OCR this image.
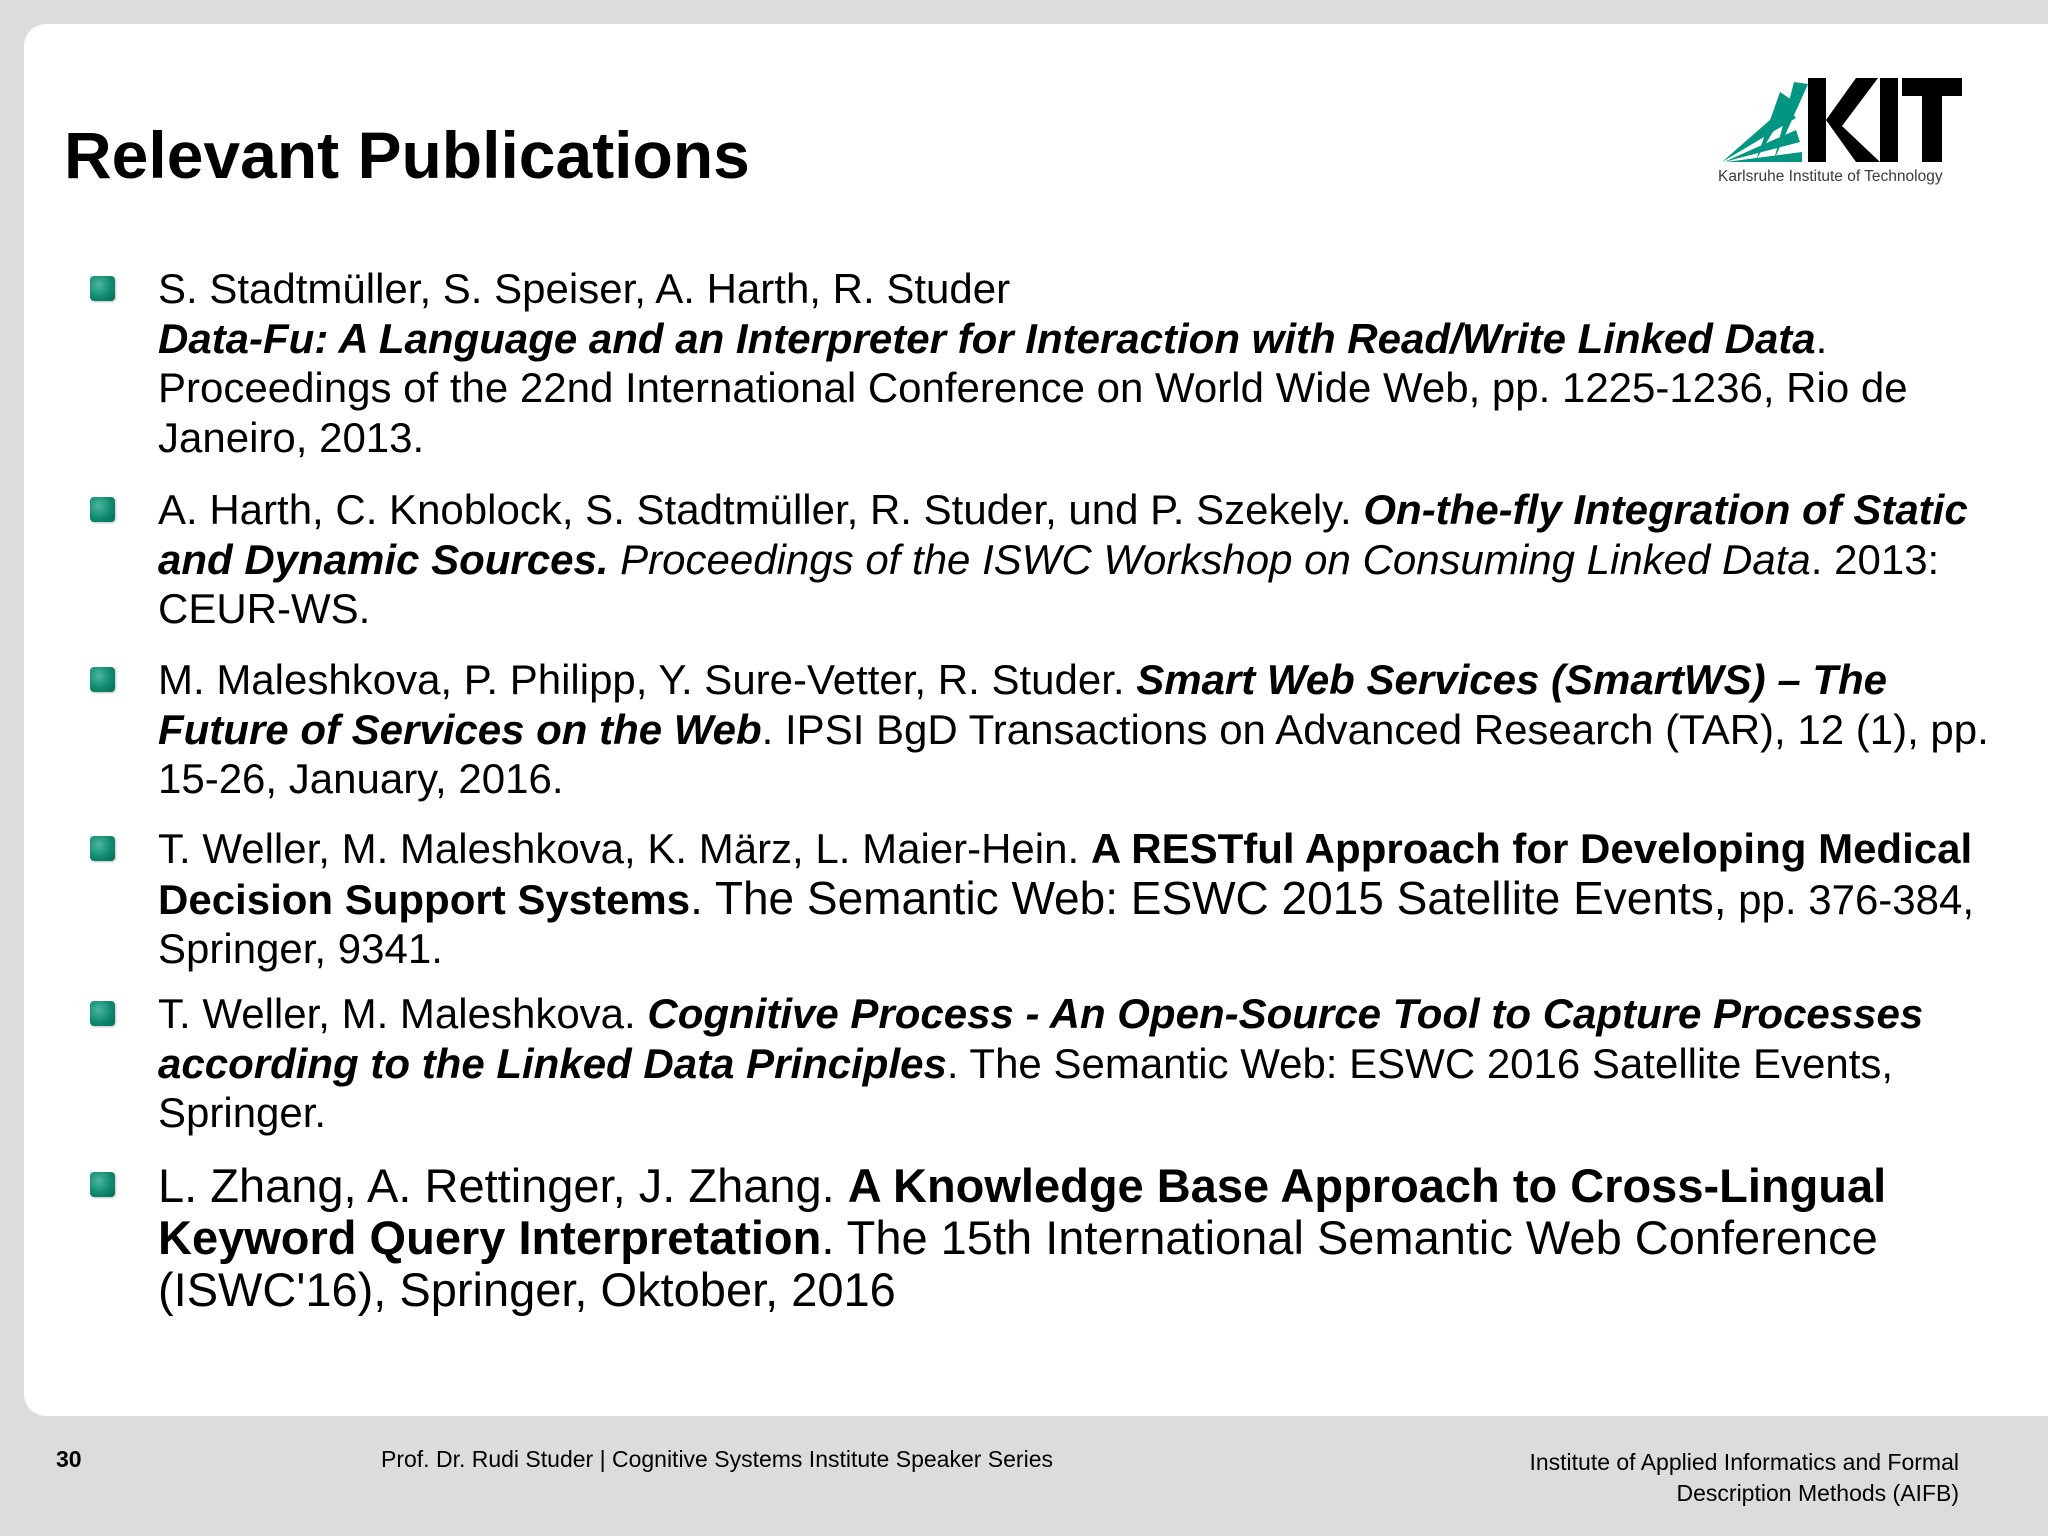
Relevant Publications	Karlsruhe Institute of Technology
S. Stadtmüller, S. Speiser, A. Harth, R. Studer
Data-Fu: A Language and an Interpreter for Interaction with Read/Write Linked Data.
Proceedings of the 22nd International Conference on World Wide Web, pp. 1225-1236, Rio de Janeiro, 2013.
A. Harth, C. Knoblock, S. Stadtmüller, R. Studer, und P. Szekely. On-the-fly Integration of Static and Dynamic Sources. Proceedings of the ISWC Workshop on Consuming Linked Data. 2013: CEUR-WS.
M. Maleshkova, P. Philipp, Y. Sure-Vetter, R. Studer. Smart Web Services (SmartWS) – The Future of Services on the Web. IPSI BgD Transactions on Advanced Research (TAR), 12 (1), pp. 15-26, January, 2016.
T. Weller, M. Maleshkova, K. März, L. Maier-Hein. A RESTful Approach for Developing Medical Decision Support Systems. The Semantic Web: ESWC 2015 Satellite Events, pp. 376-384, Springer, 9341.
T. Weller, M. Maleshkova. Cognitive Process - An Open-Source Tool to Capture Processes according to the Linked Data Principles. The Semantic Web: ESWC 2016 Satellite Events, Springer.
L. Zhang, A. Rettinger, J. Zhang. A Knowledge Base Approach to Cross-Lingual Keyword Query Interpretation. The 15th International Semantic Web Conference (ISWC'16), Springer, Oktober, 2016
30	Prof. Dr. Rudi Studer | Cognitive Systems Institute Speaker Series	Institute of Applied Informatics and Formal
Description Methods (AIFB)
